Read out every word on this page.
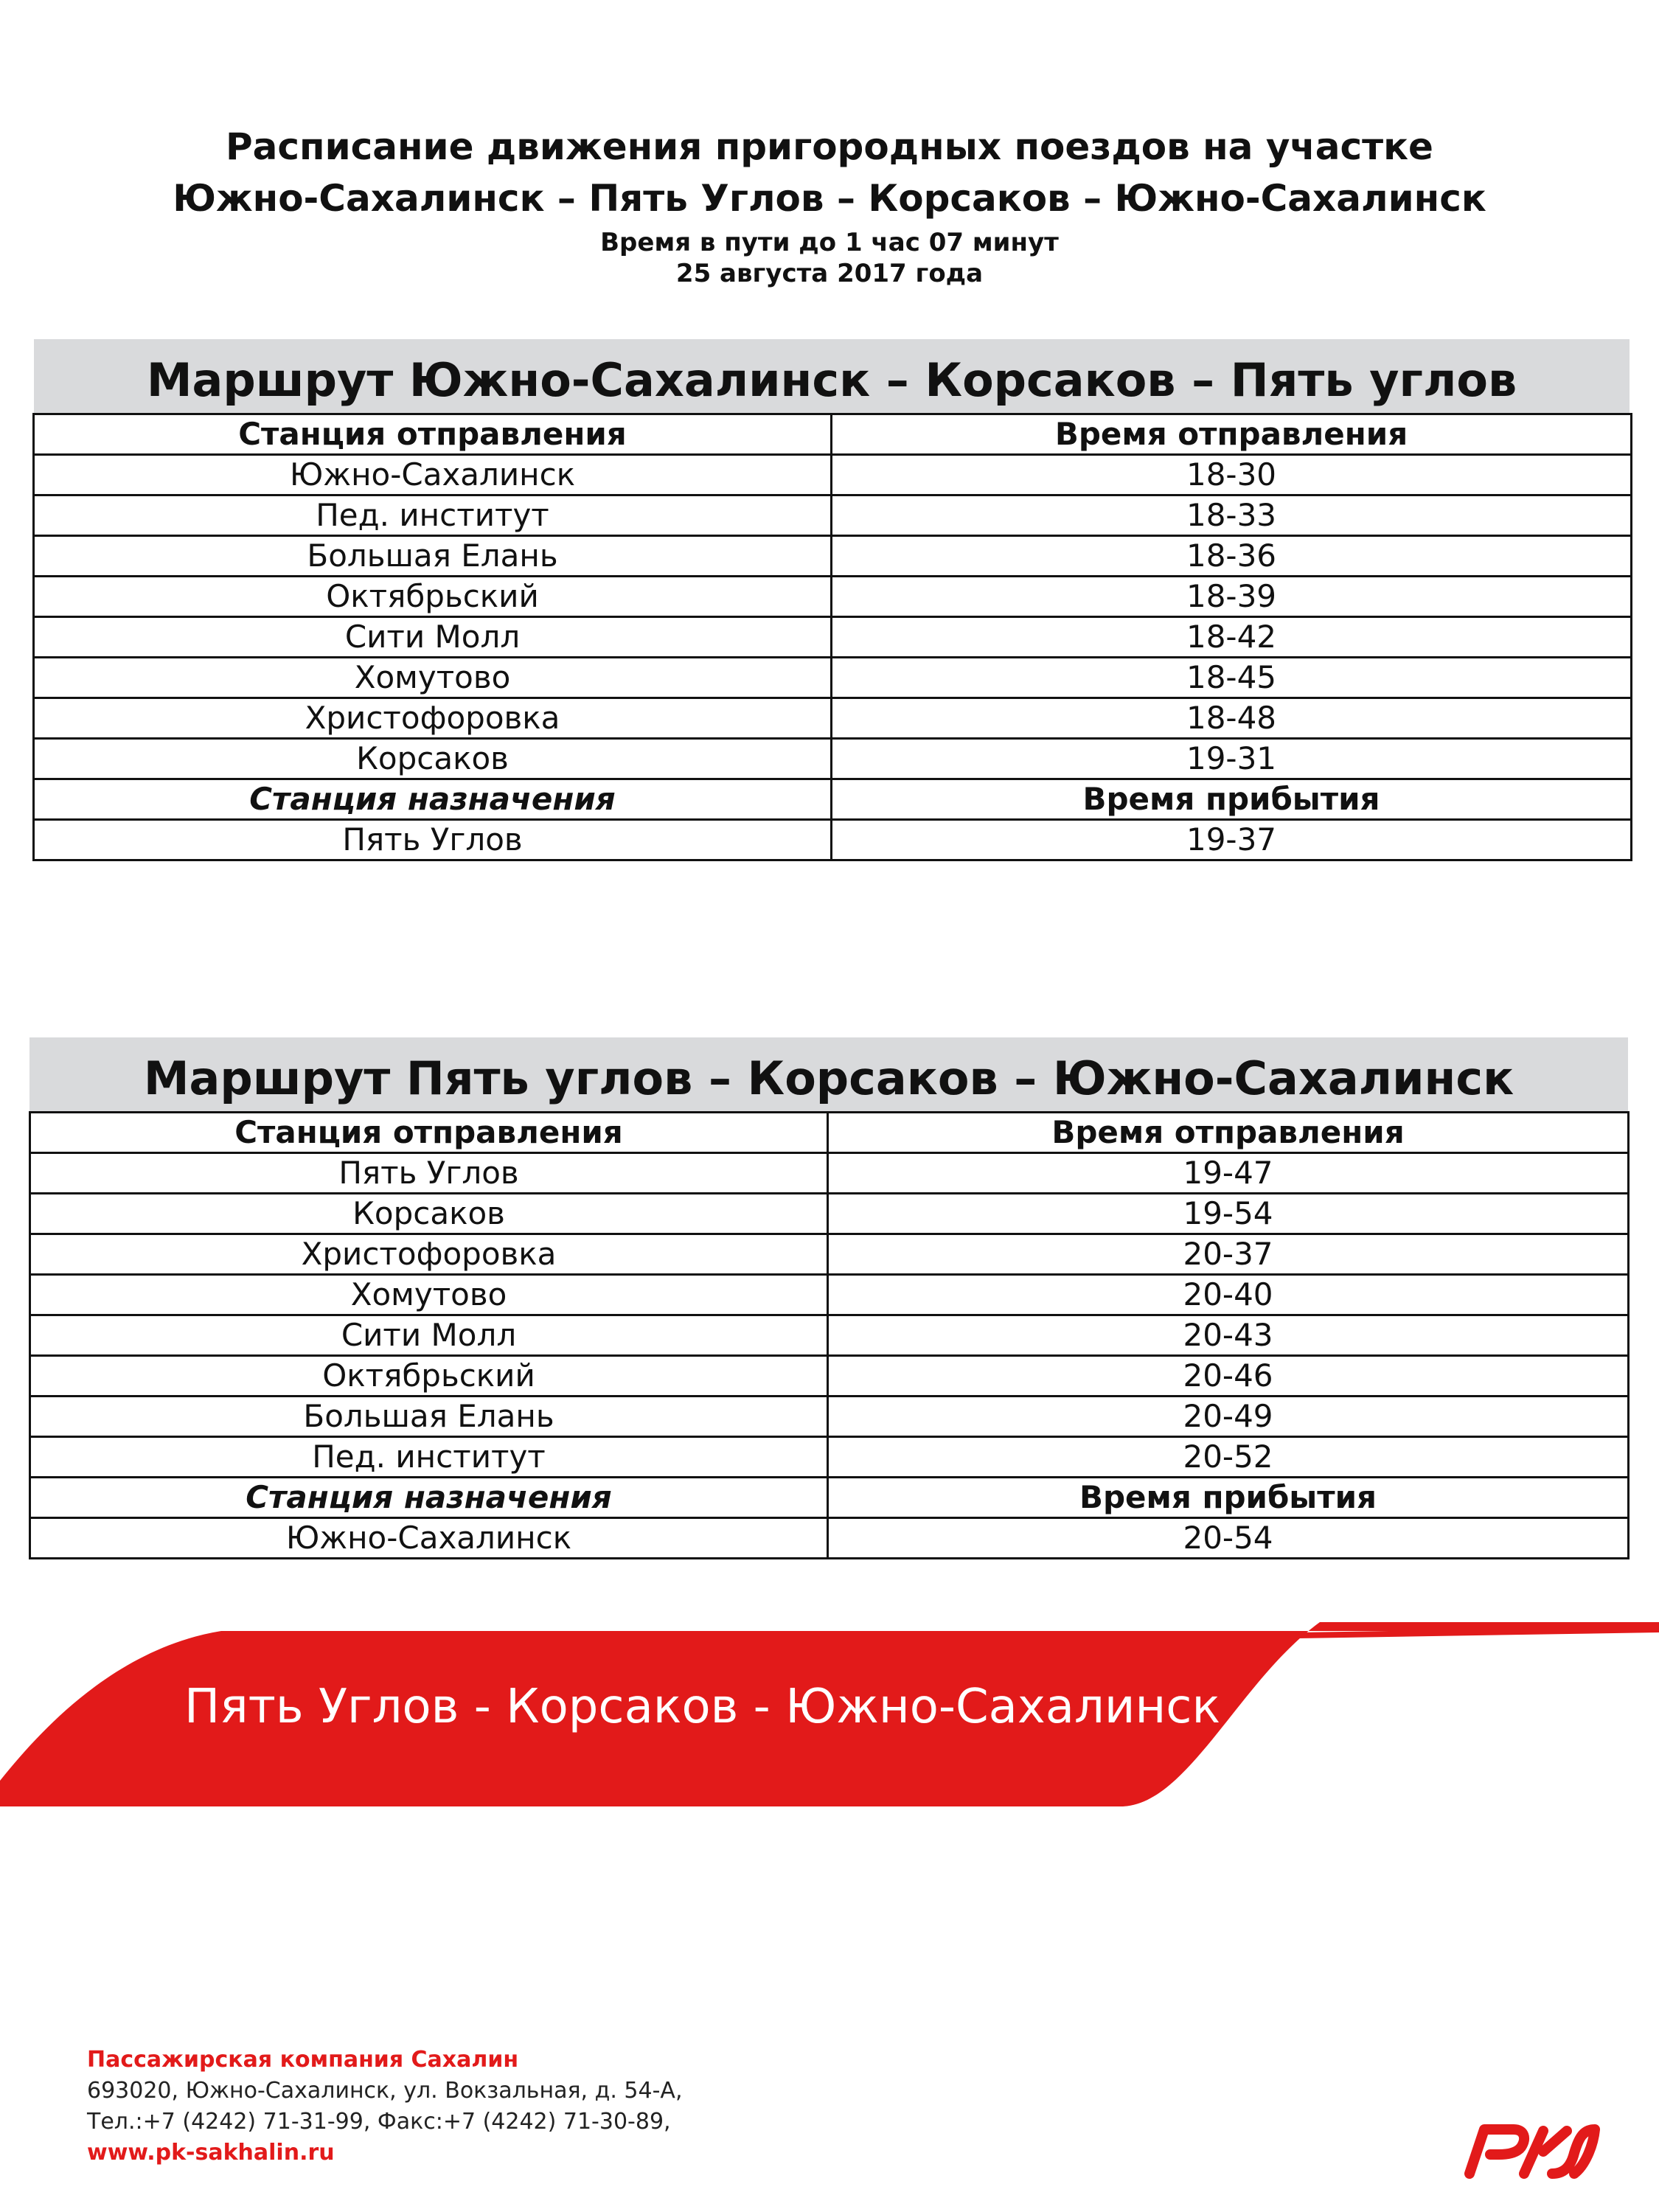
Расписание движения пригородных поездов на участке
Южно-Сахалинск – Пять Углов – Корсаков – Южно-Сахалинск
Время в пути до 1 час 07 минут
25 августа 2017 года
Маршрут Южно-Сахалинск – Корсаков – Пять углов
Станция отправления	Время отправления
Южно-Сахалинск	18-30
Пед. институт	18-33
Большая Елань	18-36
Октябрьский	18-39
Сити Молл	18-42
Хомутово	18-45
Христофоровка	18-48
Корсаков	19-31
Станция назначения	Время прибытия
Пять Углов	19-37
Маршрут Пять углов – Корсаков – Южно-Сахалинск
Станция отправления	Время отправления
Пять Углов	19-47
Корсаков	19-54
Христофоровка	20-37
Хомутово	20-40
Сити Молл	20-43
Октябрьский	20-46
Большая Елань	20-49
Пед. институт	20-52
Станция назначения	Время прибытия
Южно-Сахалинск	20-54
Пять Углов - Корсаков - Южно-Сахалинск
Пассажирская компания Сахалин
693020, Южно-Сахалинск, ул. Вокзальная, д. 54-А,
Тел.:+7 (4242) 71-31-99, Факс:+7 (4242) 71-30-89,
www.pk-sakhalin.ru
